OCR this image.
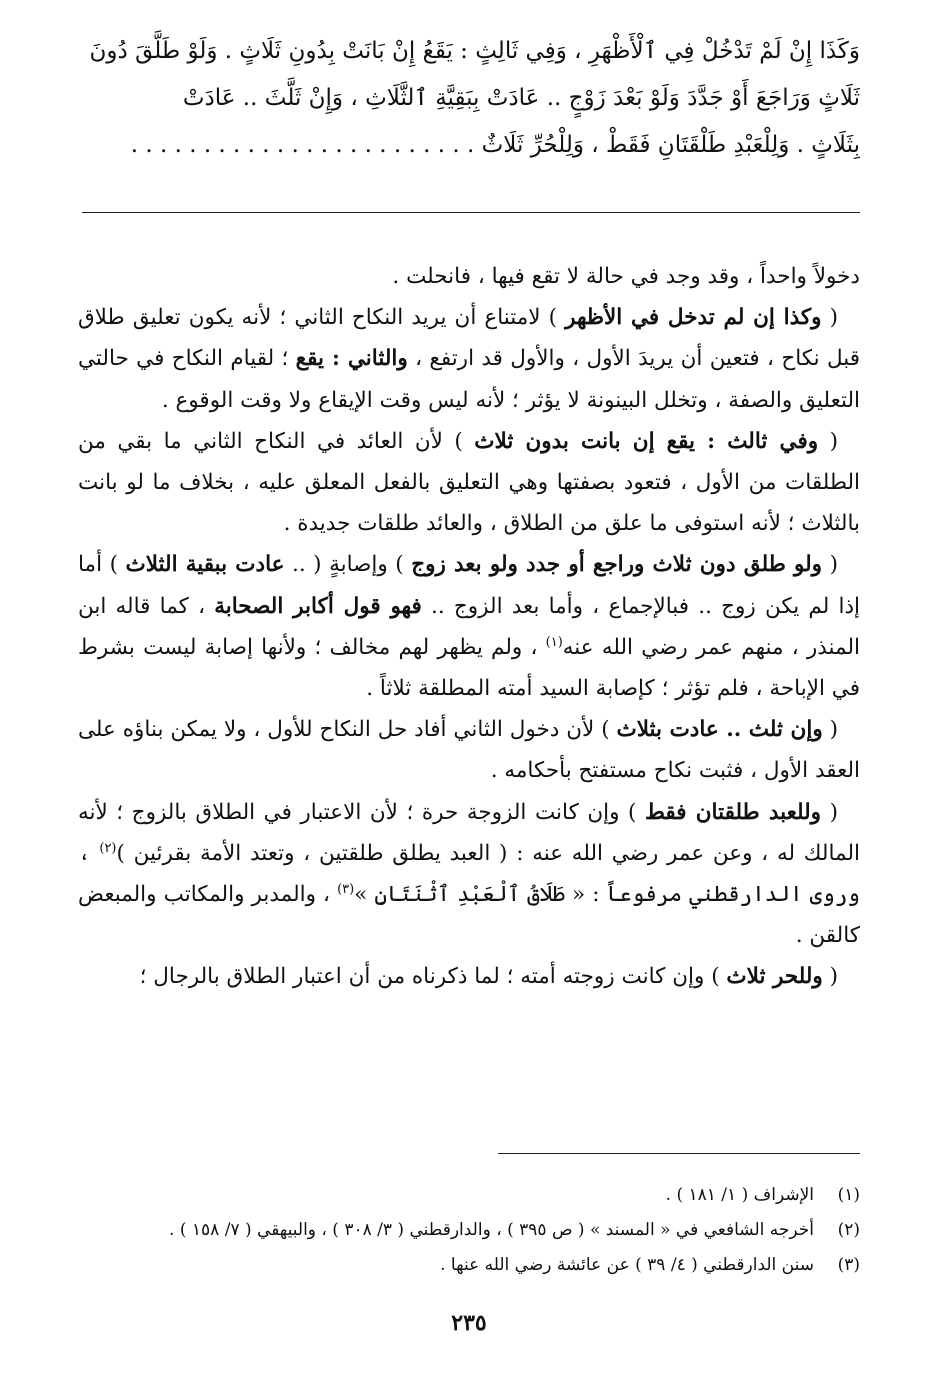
وَكَذَا إِنْ لَمْ تَدْخُلْ فِي ٱلْأَظْهَرِ ، وَفِي ثَالِثٍ : يَقَعُ إِنْ بَانَتْ بِدُونِ ثَلَاثٍ . وَلَوْ طَلَّقَ دُونَ
ثَلَاثٍ وَرَاجَعَ أَوْ جَدَّدَ وَلَوْ بَعْدَ زَوْجٍ .. عَادَتْ بِبَقِيَّةِ ٱلثَّلَاثِ ، وَإِنْ ثَلَّثَ .. عَادَتْ
بِثَلَاثٍ . وَلِلْعَبْدِ طَلْقَتَانِ فَقَطْ ، وَلِلْحُرِّ ثَلَاثٌ . . . . . . . . . . . . . . . . . . . . . . . .

دخولاً واحداً ، وقد وجد في حالة لا تقع فيها ، فانحلت .

( وكذا إن لم تدخل في الأظهر ) لامتناع أن يريد النكاح الثاني ؛ لأنه يكون تعليق طلاق قبل نكاح ، فتعين أن يريدَ الأول ، والأول قد ارتفع ، والثاني : يقع ؛ لقيام النكاح في حالتي التعليق والصفة ، وتخلل البينونة لا يؤثر ؛ لأنه ليس وقت الإيقاع ولا وقت الوقوع .

( وفي ثالث : يقع إن بانت بدون ثلاث ) لأن العائد في النكاح الثاني ما بقي من الطلقات من الأول ، فتعود بصفتها وهي التعليق بالفعل المعلق عليه ، بخلاف ما لو بانت بالثلاث ؛ لأنه استوفى ما علق من الطلاق ، والعائد طلقات جديدة .

( ولو طلق دون ثلاث وراجع أو جدد ولو بعد زوج ) وإصابةٍ ( .. عادت ببقية الثلاث ) أما إذا لم يكن زوج .. فبالإجماع ، وأما بعد الزوج .. فهو قول أكابر الصحابة ، كما قاله ابن المنذر ، منهم عمر رضي الله عنه$^{(١)}$ ، ولم يظهر لهم مخالف ؛ ولأنها إصابة ليست بشرط في الإباحة ، فلم تؤثر ؛ كإصابة السيد أمته المطلقة ثلاثاً .

( وإن ثلث .. عادت بثلاث ) لأن دخول الثاني أفاد حل النكاح للأول ، ولا يمكن بناؤه على العقد الأول ، فثبت نكاح مستفتح بأحكامه .

( وللعبد طلقتان فقط ) وإن كانت الزوجة حرة ؛ لأن الاعتبار في الطلاق بالزوج ؛ لأنه المالك له ، وعن عمر رضي الله عنه : ( العبد يطلق طلقتين ، وتعتد الأمة بقرئين )$^{(٢)}$ ، وروى الدارقطني مرفوعاً : « طَلَاقُ ٱلْعَبْدِ ٱثْنَتَانِ »$^{(٣)}$ ، والمدبر والمكاتب والمبعض كالقن .

( وللحر ثلاث ) وإن كانت زوجته أمته ؛ لما ذكرناه من أن اعتبار الطلاق بالرجال ؛

(١)الإشراف ( ١/ ١٨١ ) .
(٢)أخرجه الشافعي في « المسند » ( ص ٣٩٥ ) ، والدارقطني ( ٣/ ٣٠٨ ) ، والبيهقي ( ٧/ ١٥٨ ) .
(٣)سنن الدارقطني ( ٤/ ٣٩ ) عن عائشة رضي الله عنها .
٢٣٥
